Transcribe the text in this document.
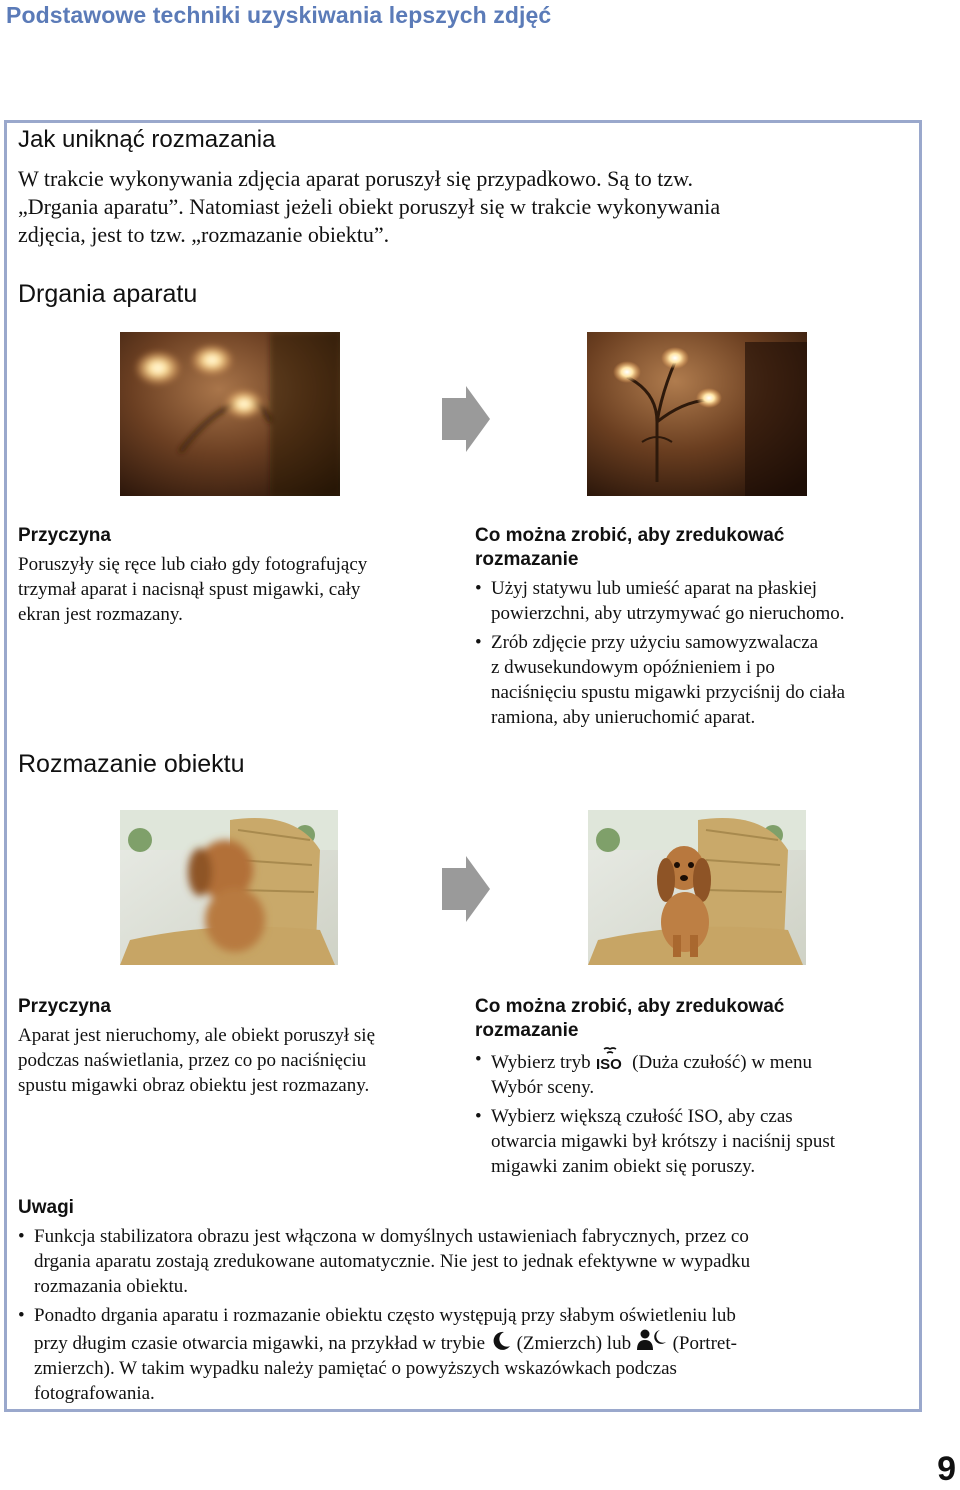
Podstawowe techniki uzyskiwania lepszych zdjęć
Jak uniknąć rozmazania
W trakcie wykonywania zdjęcia aparat poruszył się przypadkowo. Są to tzw.
„Drgania aparatu”. Natomiast jeżeli obiekt poruszył się w trakcie wykonywania
zdjęcia, jest to tzw. „rozmazanie obiektu”.
Drgania aparatu
Przyczyna
Poruszyły się ręce lub ciało gdy fotografujący
trzymał aparat i nacisnął spust migawki, cały
ekran jest rozmazany.
Co można zrobić, aby zredukować
rozmazanie
• Użyj statywu lub umieść aparat na płaskiej
powierzchni, aby utrzymywać go nieruchomo.
• Zrób zdjęcie przy użyciu samowyzwalacza
z dwusekundowym opóźnieniem i po
naciśnięciu spustu migawki przyciśnij do ciała
ramiona, aby unieruchomić aparat.
Rozmazanie obiektu
Przyczyna
Aparat jest nieruchomy, ale obiekt poruszył się
podczas naświetlania, przez co po naciśnięciu
spustu migawki obraz obiektu jest rozmazany.
Co można zrobić, aby zredukować
rozmazanie
• Wybierz tryb ISO (Duża czułość) w menu
Wybór sceny.
• Wybierz większą czułość ISO, aby czas
otwarcia migawki był krótszy i naciśnij spust
migawki zanim obiekt się poruszy.
Uwagi
• Funkcja stabilizatora obrazu jest włączona w domyślnych ustawieniach fabrycznych, przez co
drgania aparatu zostają zredukowane automatycznie. Nie jest to jednak efektywne w wypadku
rozmazania obiektu.
• Ponadto drgania aparatu i rozmazanie obiektu często występują przy słabym oświetleniu lub
przy długim czasie otwarcia migawki, na przykład w trybie (Zmierzch) lub (Portret-
zmierzch). W takim wypadku należy pamiętać o powyższych wskazówkach podczas
fotografowania.
9
